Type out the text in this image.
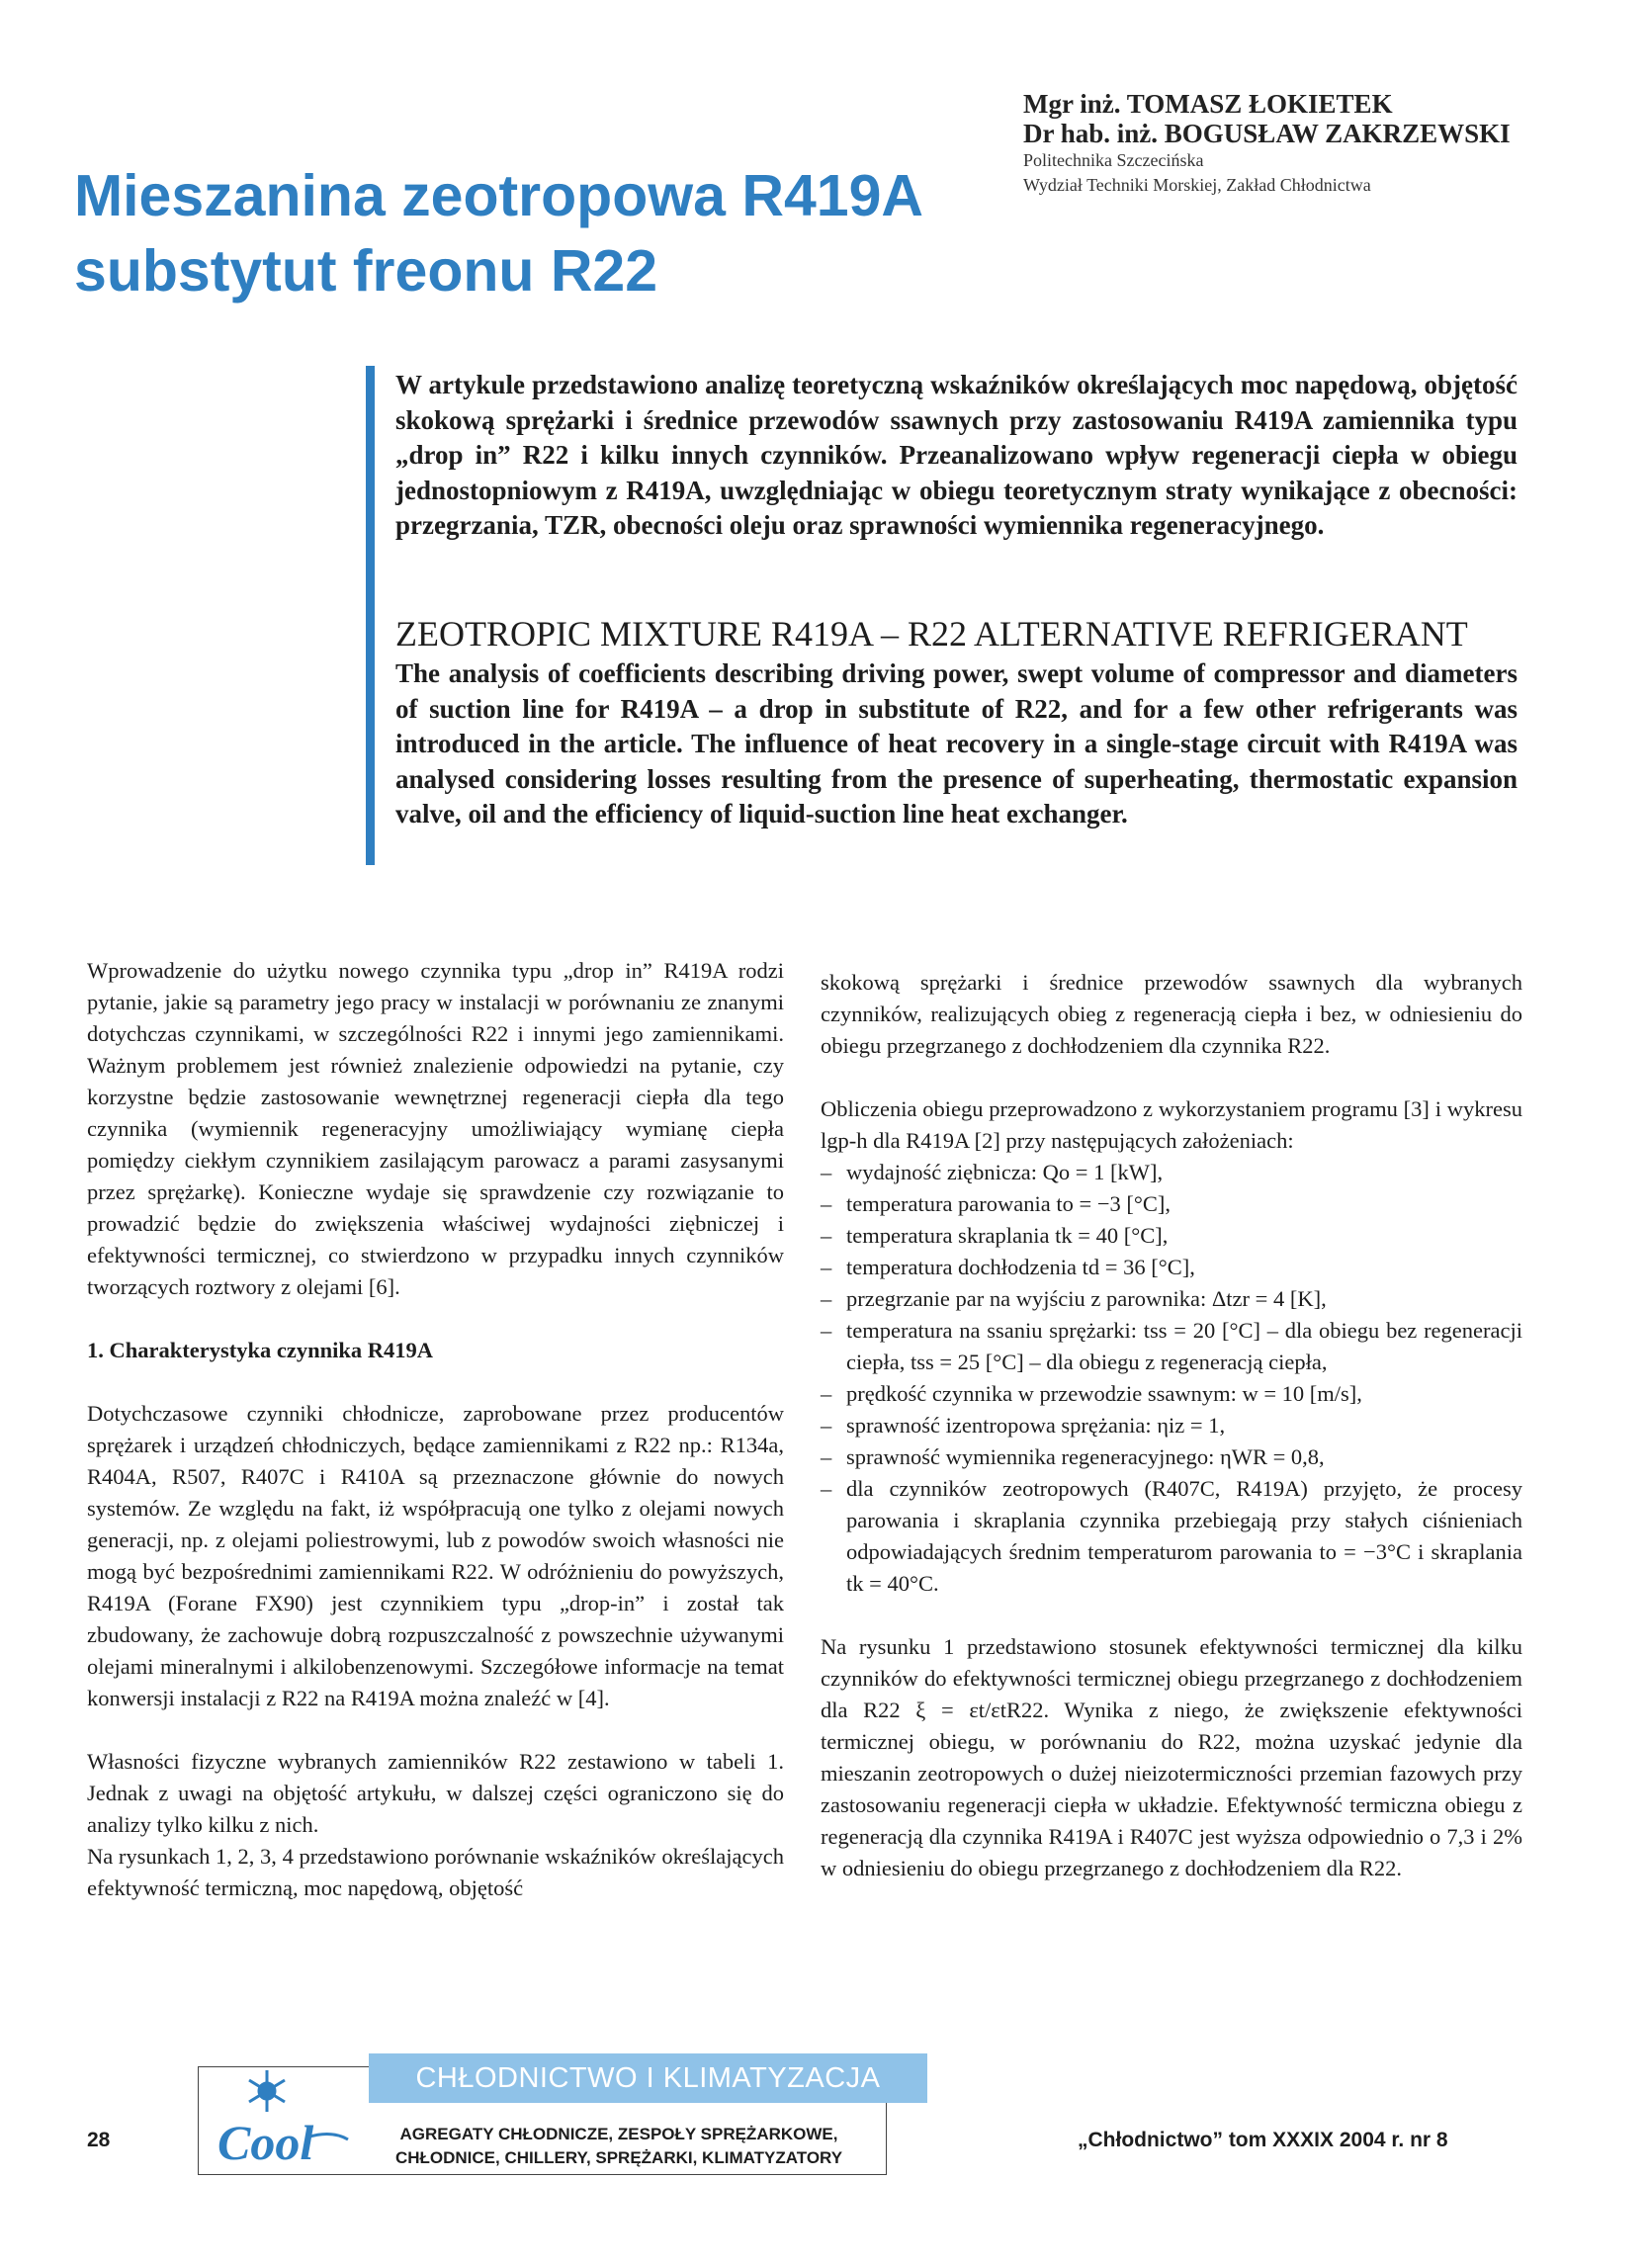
Mieszanina zeotropowa R419A
substytut freonu R22
Mgr inż. TOMASZ ŁOKIETEK
Dr hab. inż. BOGUSŁAW ZAKRZEWSKI
Politechnika Szczecińska
Wydział Techniki Morskiej, Zakład Chłodnictwa
W artykule przedstawiono analizę teoretyczną wskaźników określających moc napędową, objętość skokową sprężarki i średnice przewodów ssawnych przy zastosowaniu R419A zamiennika typu „drop in” R22 i kilku innych czynników. Przeanalizowano wpływ regeneracji ciepła w obiegu jednostopniowym z R419A, uwzględniając w obiegu teoretycznym straty wynikające z obecności: przegrzania, TZR, obecności oleju oraz sprawności wymiennika regeneracyjnego.
ZEOTROPIC MIXTURE R419A – R22 ALTERNATIVE REFRIGERANT
The analysis of coefficients describing driving power, swept volume of compressor and diameters of suction line for R419A – a drop in substitute of R22, and for a few other refrigerants was introduced in the article. The influence of heat recovery in a single-stage circuit with R419A was analysed considering losses resulting from the presence of superheating, thermostatic expansion valve, oil and the efficiency of liquid-suction line heat exchanger.

Wprowadzenie do użytku nowego czynnika typu „drop in” R419A rodzi pytanie, jakie są parametry jego pracy w instalacji w porównaniu ze znanymi dotychczas czynnikami, w szczególności R22 i innymi jego zamiennikami. Ważnym problemem jest również znalezienie odpowiedzi na pytanie, czy korzystne będzie zastosowanie wewnętrznej regeneracji ciepła dla tego czynnika (wymiennik regeneracyjny umożliwiający wymianę ciepła pomiędzy ciekłym czynnikiem zasilającym parowacz a parami zasysanymi przez sprężarkę). Konieczne wydaje się sprawdzenie czy rozwiązanie to prowadzić będzie do zwiększenia właściwej wydajności ziębniczej i efektywności termicznej, co stwierdzono w przypadku innych czynników tworzących roztwory z olejami [6].

1. Charakterystyka czynnika R419A

Dotychczasowe czynniki chłodnicze, zaprobowane przez producentów sprężarek i urządzeń chłodniczych, będące zamiennikami z R22 np.: R134a, R404A, R507, R407C i R410A są przeznaczone głównie do nowych systemów. Ze względu na fakt, iż współpracują one tylko z olejami nowych generacji, np. z olejami poliestrowymi, lub z powodów swoich własności nie mogą być bezpośrednimi zamiennikami R22. W odróżnieniu do powyższych, R419A (Forane FX90) jest czynnikiem typu „drop-in” i został tak zbudowany, że zachowuje dobrą rozpuszczalność z powszechnie używanymi olejami mineralnymi i alkilobenzenowymi. Szczegółowe informacje na temat konwersji instalacji z R22 na R419A można znaleźć w [4].

Własności fizyczne wybranych zamienników R22 zestawiono w tabeli 1. Jednak z uwagi na objętość artykułu, w dalszej części ograniczono się do analizy tylko kilku z nich.

Na rysunkach 1, 2, 3, 4 przedstawiono porównanie wskaźników określających efektywność termiczną, moc napędową, objętość

skokową sprężarki i średnice przewodów ssawnych dla wybranych czynników, realizujących obieg z regeneracją ciepła i bez, w odniesieniu do obiegu przegrzanego z dochłodzeniem dla czynnika R22.

Obliczenia obiegu przeprowadzono z wykorzystaniem programu [3] i wykresu lgp-h dla R419A [2] przy następujących założeniach:

– wydajność ziębnicza: Qo = 1 [kW],
– temperatura parowania to = −3 [°C],
– temperatura skraplania tk = 40 [°C],
– temperatura dochłodzenia td = 36 [°C],
– przegrzanie par na wyjściu z parownika: Δtzr = 4 [K],
– temperatura na ssaniu sprężarki: tss = 20 [°C] – dla obiegu bez regeneracji ciepła, tss = 25 [°C] – dla obiegu z regeneracją ciepła,
– prędkość czynnika w przewodzie ssawnym: w = 10 [m/s],
– sprawność izentropowa sprężania: ηiz = 1,
– sprawność wymiennika regeneracyjnego: ηWR = 0,8,
– dla czynników zeotropowych (R407C, R419A) przyjęto, że procesy parowania i skraplania czynnika przebiegają przy stałych ciśnieniach odpowiadających średnim temperaturom parowania to = −3°C i skraplania tk = 40°C.

Na rysunku 1 przedstawiono stosunek efektywności termicznej dla kilku czynników do efektywności termicznej obiegu przegrzanego z dochłodzeniem dla R22 ξ = εt/εtR22. Wynika z niego, że zwiększenie efektywności termicznej obiegu, w porównaniu do R22, można uzyskać jedynie dla mieszanin zeotropowych o dużej nieizotermiczności przemian fazowych przy zastosowaniu regeneracji ciepła w układzie. Efektywność termiczna obiegu z regeneracją dla czynnika R419A i R407C jest wyższa odpowiednio o 7,3 i 2% w odniesieniu do obiegu przegrzanego z dochłodzeniem dla R22.

28	„Chłodnictwo” tom XXXIX 2004 r. nr 8
Cool
CHŁODNICTWO I KLIMATYZACJA
AGREGATY CHŁODNICZE, ZESPOŁY SPRĘŻARKOWE,
CHŁODNICE, CHILLERY, SPRĘŻARKI, KLIMATYZATORY
